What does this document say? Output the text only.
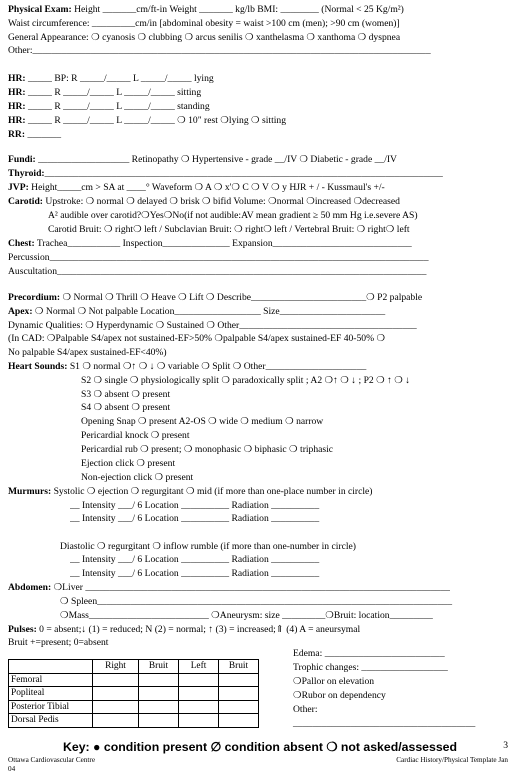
Physical Exam: Height _______cm/ft-in Weight _______ kg/lb BMI: ________ (Normal < 25 Kg/m²)
Waist circumference: _________cm/in [abdominal obesity = waist >100 cm (men); >90 cm (women)]
General Appearance: ❍ cyanosis ❍ clubbing ❍ arcus senilis ❍ xanthelasma ❍ xanthoma ❍ dyspnea
Other:___________________________________________________________________________________
HR: _____ BP: R _____/_____ L _____/_____ lying
HR: _____ R _____/_____ L _____/_____ sitting
HR: _____ R _____/_____ L _____/_____ standing
HR: _____ R _____/_____ L _____/_____ ❍ 10" rest ❍lying ❍ sitting
RR: _______
Fundi: ___________________ Retinopathy ❍ Hypertensive - grade __/IV ❍ Diabetic - grade __/IV
Thyroid:___________________________________________________________________________________
JVP: Height_____cm > SA at ____° Waveform ❍ A ❍ x'❍ C ❍ V ❍ y HJR + / - Kussmaul's +/-
Carotid: Upstroke: ❍ normal ❍ delayed ❍ brisk ❍ bifid Volume: ❍normal ❍increased ❍decreased
A² audible over carotid?❍Yes❍No(if not audible:AV mean gradient ≥ 50 mm Hg i.e.severe AS)
Carotid Bruit: ❍ right❍ left / Subclavian Bruit: ❍ right❍ left / Vertebral Bruit: ❍ right❍ left
Chest: Trachea___________ Inspection______________ Expansion_____________________________
Percussion_______________________________________________________________________________
Auscultation_____________________________________________________________________________
Precordium: ❍ Normal ❍ Thrill ❍ Heave ❍ Lift ❍ Describe________________________❍ P2 palpable
Apex: ❍ Normal ❍ Not palpable Location__________________ Size______________________
Dynamic Qualities: ❍ Hyperdynamic ❍ Sustained ❍ Other_____________________________________
(In CAD: ❍Palpable S4/apex not sustained-EF>50% ❍palpable S4/apex sustained-EF 40-50% ❍
No palpable S4/apex sustained-EF<40%)
Heart Sounds: S1 ❍ normal ❍↑ ❍ ↓ ❍ variable ❍ Split ❍ Other_____________________
S2 ❍ single ❍ physiologically split ❍ paradoxically split ; A2 ❍↑ ❍ ↓ ; P2 ❍ ↑ ❍ ↓
S3 ❍ absent ❍ present
S4 ❍ absent ❍ present
Opening Snap ❍ present A2-OS ❍ wide ❍ medium ❍ narrow
Pericardial knock ❍ present
Pericardial rub ❍ present; ❍ monophasic ❍ biphasic ❍ triphasic
Ejection click ❍ present
Non-ejection click ❍ present
Murmurs: Systolic ❍ ejection ❍ regurgitant ❍ mid (if more than one-place number in circle)
__ Intensity ___/ 6 Location __________ Radiation __________
__ Intensity ___/ 6 Location __________ Radiation __________
Diastolic ❍ regurgitant ❍ inflow rumble (if more than one-number in circle)
__ Intensity ___/ 6 Location __________ Radiation __________
__ Intensity ___/ 6 Location __________ Radiation __________
Abdomen: ❍Liver ____________________________________________________________________________
❍ Spleen__________________________________________________________________________
❍Mass_________________________ ❍Aneurysm: size _________❍Bruit: location_________
Pulses: 0 = absent;↓ (1) = reduced; N (2) = normal; ↑ (3) = increased;⇑ (4) A = aneursymal
Bruit +=present; 0=absent
	Right	Bruit	Left	Bruit
Femoral				
Popliteal				
Posterior Tibial				
Dorsal Pedis				
Edema: _________________________
Trophic changes: __________________
❍Pallor on elevation
❍Rubor on dependency
Other:
______________________________________
Key: ● condition present ∅ condition absent ❍ not asked/assessed	3
Ottawa Cardiovascular Centre
04
Cardiac History/Physical Template Jan
